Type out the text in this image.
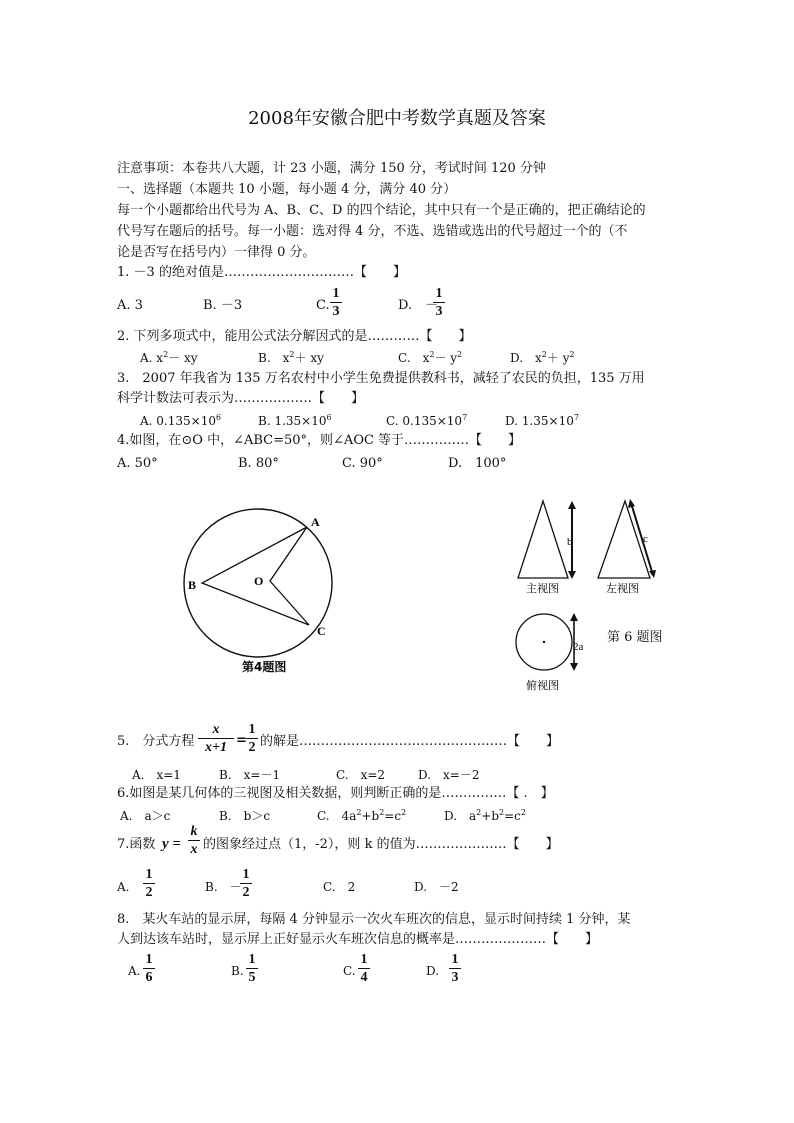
2008年安徽合肥中考数学真题及答案
注意事项：本卷共八大题，计 23 小题，满分 150 分，考试时间 120 分钟
一、选择题（本题共 10 小题，每小题 4 分，满分 40 分）
每一个小题都给出代号为 A、B、C、D 的四个结论，其中只有一个是正确的，把正确结论的
代号写在题后的括号。每一小题：选对得 4 分，不选、选错或选出的代号超过一个的（不
论是否写在括号内）一律得 0 分。
1. －3 的绝对值是…………………………【　　】
A. 3	B. －3	C.
1
3	D.　－
1
3
2. 下列多项式中，能用公式法分解因式的是…………【　　】
A. $x^2-$ xy	B.　$x^2+$ xy	C.　$x^2- y^2$	D.　$x^2+ y^2$
3.　2007 年我省为 135 万名农村中小学生免费提供教科书，减轻了农民的负担，135 万用
科学计数法可表示为………………【　　】
A. $0.135\times 10^6$	B. $1.35\times 10^6$	C. $0.135\times 10^7$	D. $1.35\times 10^7$
4.如图，在⊙O 中，∠ABC=50°，则∠AOC 等于……………【　　】
A. 50°	B. 80°	C. 90°	D.　100°
A
B
C
O
第4题图
b
主视图
c
左视图
2a
俯视图
第 6 题图
5.　分式方程
x
x+1 =
1
2 的解是…………………………………………【　　】
A.　x=1	B.　x=－1	C.　x=2	D.　x=－2
6.如图是某几何体的三视图及相关数据，则判断正确的是……………【 .　】
A.　a＞c	B.　b＞c	C.　$4a^2+b^2=c^2$	D.　$a^2+b^2=c^2$
7.函数 y =
k
x 的图象经过点（1，-2），则 k 的值为…………………【　　】
A.
1
2	B.　－
1
2	C.　2	D.　－2
8.　某火车站的显示屏，每隔 4 分钟显示一次火车班次的信息，显示时间持续 1 分钟，某
人到达该车站时，显示屏上正好显示火车班次信息的概率是…………………【　　】
A.
1
6	B.
1
5	C.
1
4	D.
1
3
